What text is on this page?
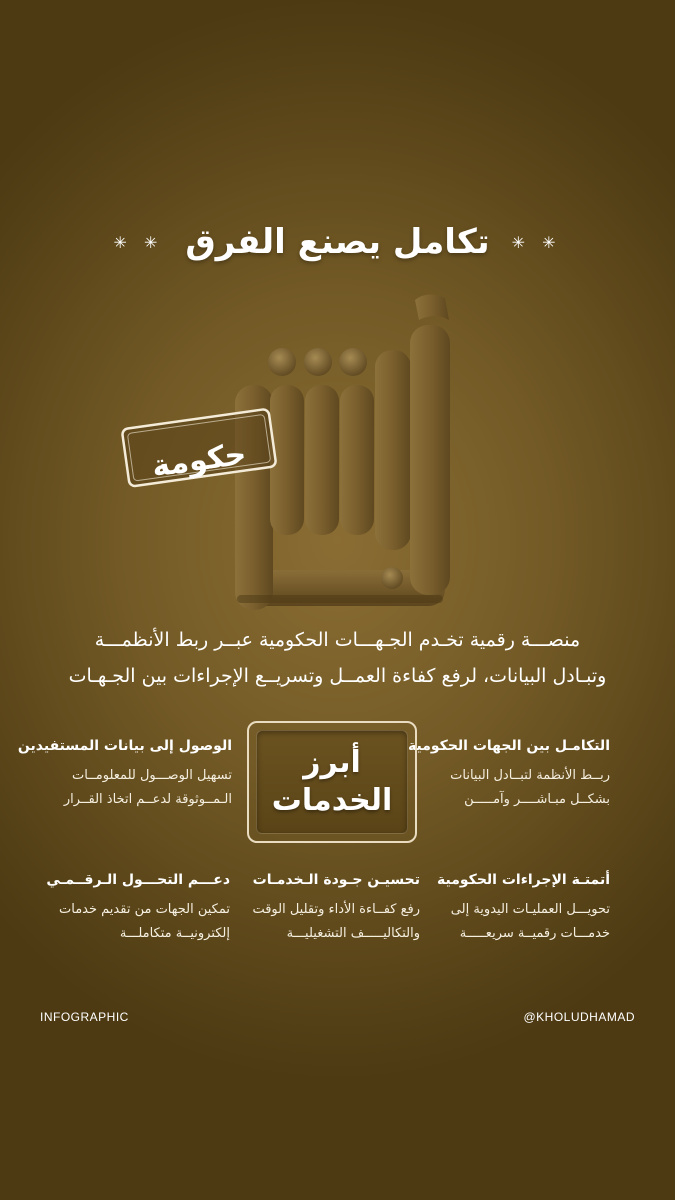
✳ ✳ تكامل يصنع الفرق ✳ ✳
حكومة
منصـــة رقمية تخـدم الجـهـــات الحكومية عبــر ربط الأنظمـــة
وتبـادل البيانات، لرفع كفاءة العمــل وتسريــع الإجراءات بين الجـهـات
التكامـل بين الجهات الحكومية
ربــط الأنظمة لتبــادل البيانات
بشكــل مبـاشــــر وآمـــــن
الوصول إلى بيانات المستفيدين
تسهيل الوصـــول للمعلومــات
الـمــوثوقة لدعــم اتخاذ القــرار
أبرز
الخدمات
أتمتـة الإجراءات الحكومية
تحويـــل العمليـات اليدوية إلى
خدمـــات رقميــة سريعـــــة
تحسيـن جـودة الـخدمـات
رفع كفــاءة الأداء وتقليل الوقت
والتكاليـــــف التشغيليـــة
دعـــم التحـــول الـرقــمـي
تمكين الجهات من تقديم خدمات
إلكترونيــة متكاملـــة
INFOGRAPHIC	@KHOLUDHAMAD
